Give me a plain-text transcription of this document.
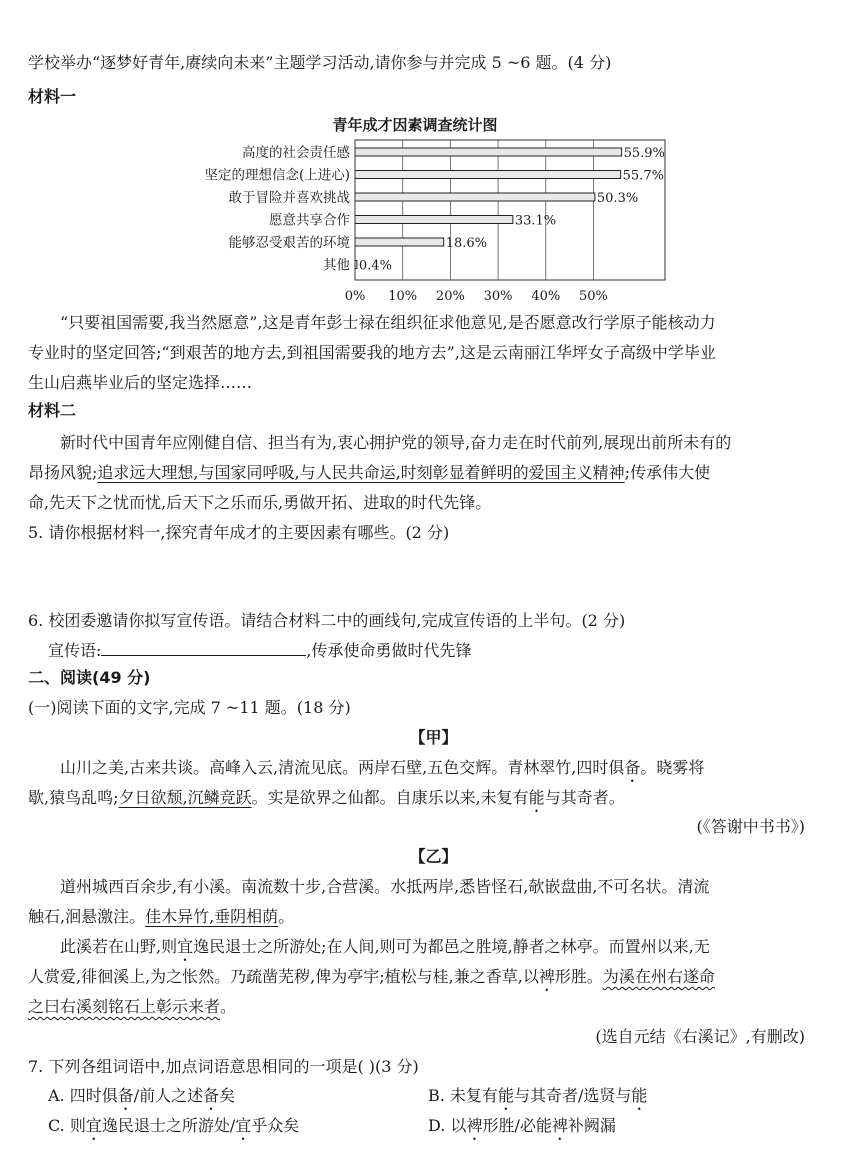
学校举办“逐梦好青年,赓续向未来”主题学习活动,请你参与并完成 5 ~6 题。(4 分)
材料一
青年成才因素调查统计图
高度的社会责任感	55.9%
坚定的理想信念(上进心)	55.7%
敢于冒险并喜欢挑战	50.3%
愿意共享合作	33.1%
能够忍受艰苦的环境	18.6%
其他 0.4%
0% 10% 20% 30% 40% 50%
“只要祖国需要,我当然愿意”,这是青年彭士禄在组织征求他意见,是否愿意改行学原子能核动力
专业时的坚定回答;“到艰苦的地方去,到祖国需要我的地方去”,这是云南丽江华坪女子高级中学毕业
生山启燕毕业后的坚定选择……
材料二
新时代中国青年应刚健自信、担当有为,衷心拥护党的领导,奋力走在时代前列,展现出前所未有的
昂扬风貌;追求远大理想,与国家同呼吸,与人民共命运,时刻彰显着鲜明的爱国主义精神;传承伟大使
命,先天下之忧而忧,后天下之乐而乐,勇做开拓、进取的时代先锋。
5. 请你根据材料一,探究青年成才的主要因素有哪些。(2 分)
6. 校团委邀请你拟写宣传语。请结合材料二中的画线句,完成宣传语的上半句。(2 分)
宣传语:	,传承使命勇做时代先锋
二、阅读(49 分)
(一)阅读下面的文字,完成 7 ~11 题。(18 分)
【甲】
山川之美,古来共谈。高峰入云,清流见底。两岸石壁,五色交辉。青林翠竹,四时俱备。晓雾将
歇,猿鸟乱鸣;夕日欲颓,沉鳞竞跃。实是欲界之仙都。自康乐以来,未复有能与其奇者。
(《答谢中书书》)
【乙】
道州城西百余步,有小溪。南流数十步,合营溪。水抵两岸,悉皆怪石,欹嵌盘曲,不可名状。清流
触石,洄悬激注。佳木异竹,垂阴相荫。
此溪若在山野,则宜逸民退士之所游处;在人间,则可为都邑之胜境,静者之林亭。而置州以来,无
人赏爱,徘徊溪上,为之怅然。乃疏凿芜秽,俾为亭宇;植松与桂,兼之香草,以裨形胜。为溪在州右遂命
之曰右溪刻铭石上彰示来者。
(选自元结《右溪记》,有删改)
7. 下列各组词语中,加点词语意思相同的一项是( )(3 分)
A. 四时俱备/前人之述备矣	B. 未复有能与其奇者/选贤与能
C. 则宜逸民退士之所游处/宜乎众矣	D. 以裨形胜/必能裨补阙漏
